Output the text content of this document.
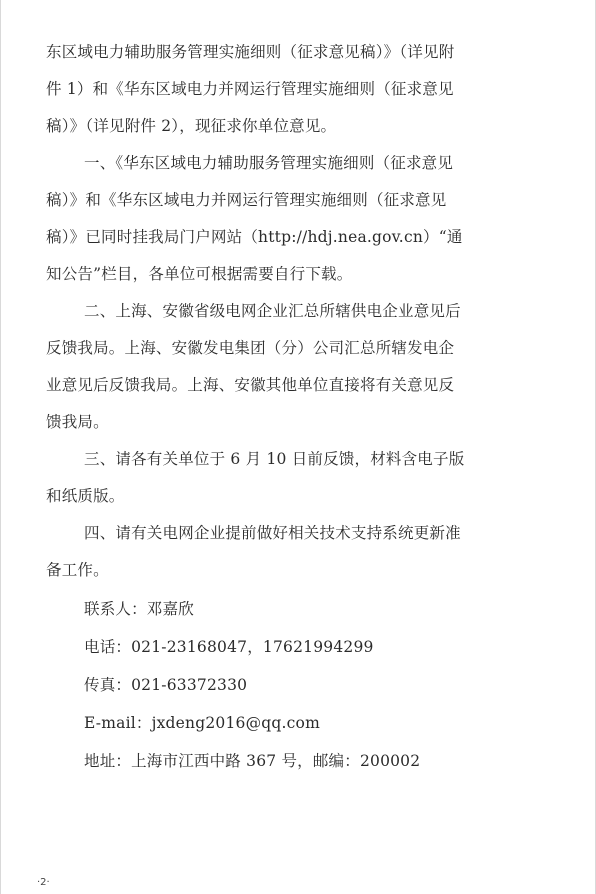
东区域电力辅助服务管理实施细则（征求意见稿）》（详见附
件 1）和《华东区域电力并网运行管理实施细则（征求意见
稿）》（详见附件 2），现征求你单位意见。
一、《华东区域电力辅助服务管理实施细则（征求意见
稿）》和《华东区域电力并网运行管理实施细则（征求意见
稿）》已同时挂我局门户网站（http://hdj.nea.gov.cn）“通
知公告”栏目，各单位可根据需要自行下载。
二、上海、安徽省级电网企业汇总所辖供电企业意见后
反馈我局。上海、安徽发电集团（分）公司汇总所辖发电企
业意见后反馈我局。上海、安徽其他单位直接将有关意见反
馈我局。
三、请各有关单位于 6 月 10 日前反馈，材料含电子版
和纸质版。
四、请有关电网企业提前做好相关技术支持系统更新准
备工作。
联系人：邓嘉欣
电话：021-23168047，17621994299
传真：021-63372330
E-mail：jxdeng2016@qq.com
地址：上海市江西中路 367 号，邮编：200002
·2·
